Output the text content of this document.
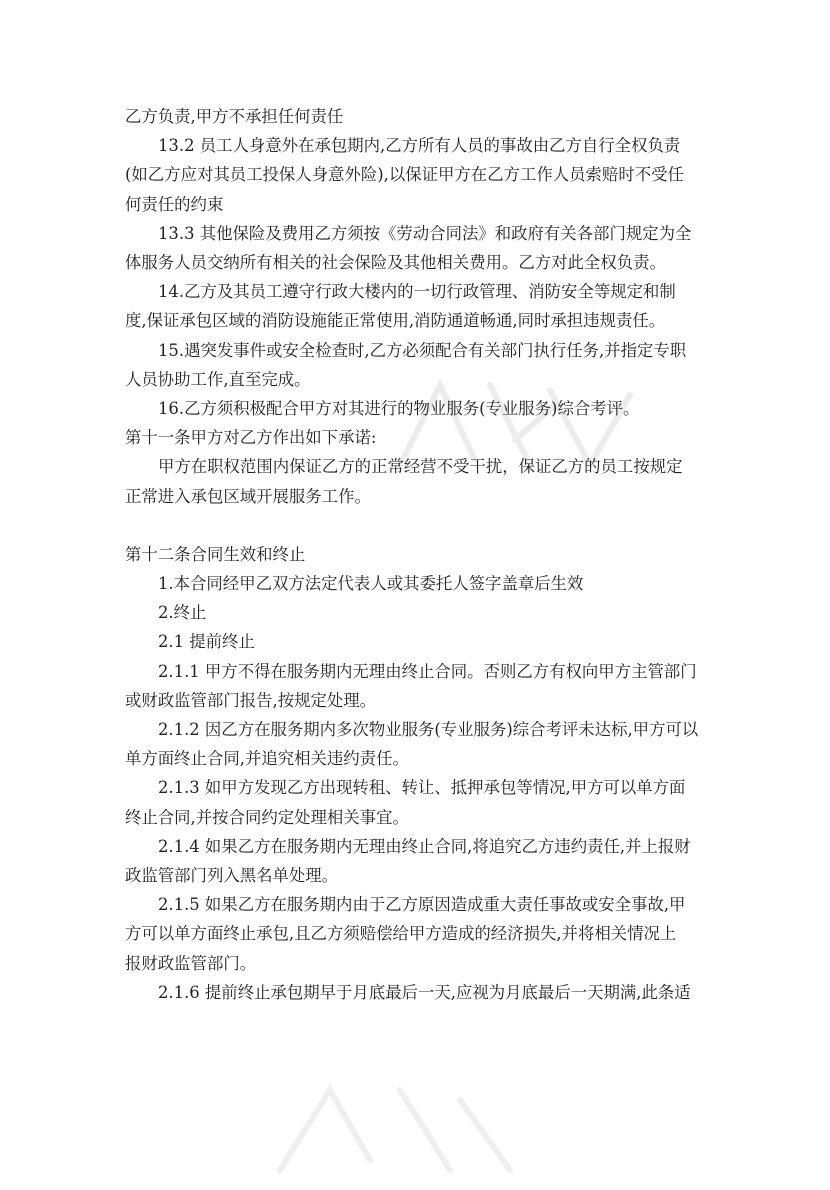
乙方负责,甲方不承担任何责任

13.2 员工人身意外在承包期内,乙方所有人员的事故由乙方自行全权负责

(如乙方应对其员工投保人身意外险),以保证甲方在乙方工作人员索赔时不受任

何责任的约束

13.3 其他保险及费用乙方须按《劳动合同法》和政府有关各部门规定为全

体服务人员交纳所有相关的社会保险及其他相关费用。乙方对此全权负责。

14.乙方及其员工遵守行政大楼内的一切行政管理、消防安全等规定和制

度,保证承包区域的消防设施能正常使用,消防通道畅通,同时承担违规责任。

15.遇突发事件或安全检查时,乙方必须配合有关部门执行任务,并指定专职

人员协助工作,直至完成。

16.乙方须积极配合甲方对其进行的物业服务(专业服务)综合考评。

第十一条甲方对乙方作出如下承诺:

甲方在职权范围内保证乙方的正常经营不受干扰，保证乙方的员工按规定

正常进入承包区域开展服务工作。

第十二条合同生效和终止

1.本合同经甲乙双方法定代表人或其委托人签字盖章后生效

2.终止

2.1 提前终止

2.1.1 甲方不得在服务期内无理由终止合同。否则乙方有权向甲方主管部门

或财政监管部门报告,按规定处理。

2.1.2 因乙方在服务期内多次物业服务(专业服务)综合考评未达标,甲方可以

单方面终止合同,并追究相关违约责任。

2.1.3 如甲方发现乙方出现转租、转让、抵押承包等情况,甲方可以单方面

终止合同,并按合同约定处理相关事宜。

2.1.4 如果乙方在服务期内无理由终止合同,将追究乙方违约责任,并上报财

政监管部门列入黑名单处理。

2.1.5 如果乙方在服务期内由于乙方原因造成重大责任事故或安全事故,甲

方可以单方面终止承包,且乙方须赔偿给甲方造成的经济损失,并将相关情况上

报财政监管部门。

2.1.6 提前终止承包期早于月底最后一天,应视为月底最后一天期满,此条适
